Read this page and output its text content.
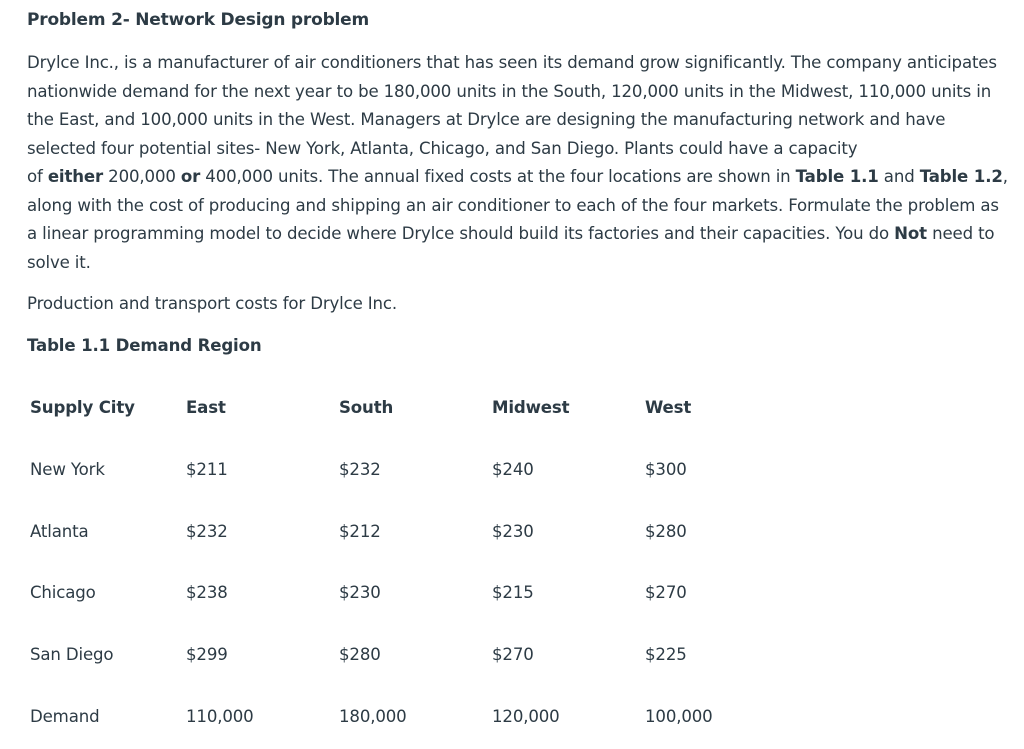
Problem 2- Network Design problem

Drylce Inc., is a manufacturer of air conditioners that has seen its demand grow significantly. The company anticipates nationwide demand for the next year to be 180,000 units in the South, 120,000 units in the Midwest, 110,000 units in the East, and 100,000 units in the West. Managers at Drylce are designing the manufacturing network and have selected four potential sites- New York, Atlanta, Chicago, and San Diego. Plants could have a capacity
of either 200,000 or 400,000 units. The annual fixed costs at the four locations are shown in Table 1.1 and Table 1.2, along with the cost of producing and shipping an air conditioner to each of the four markets. Formulate the problem as a linear programming model to decide where Drylce should build its factories and their capacities. You do Not need to solve it.

Production and transport costs for Drylce Inc.

Table 1.1 Demand Region

Supply City	East	South	Midwest	West
New York	$211	$232	$240	$300
Atlanta	$232	$212	$230	$280
Chicago	$238	$230	$215	$270
San Diego	$299	$280	$270	$225
Demand	110,000	180,000	120,000	100,000
